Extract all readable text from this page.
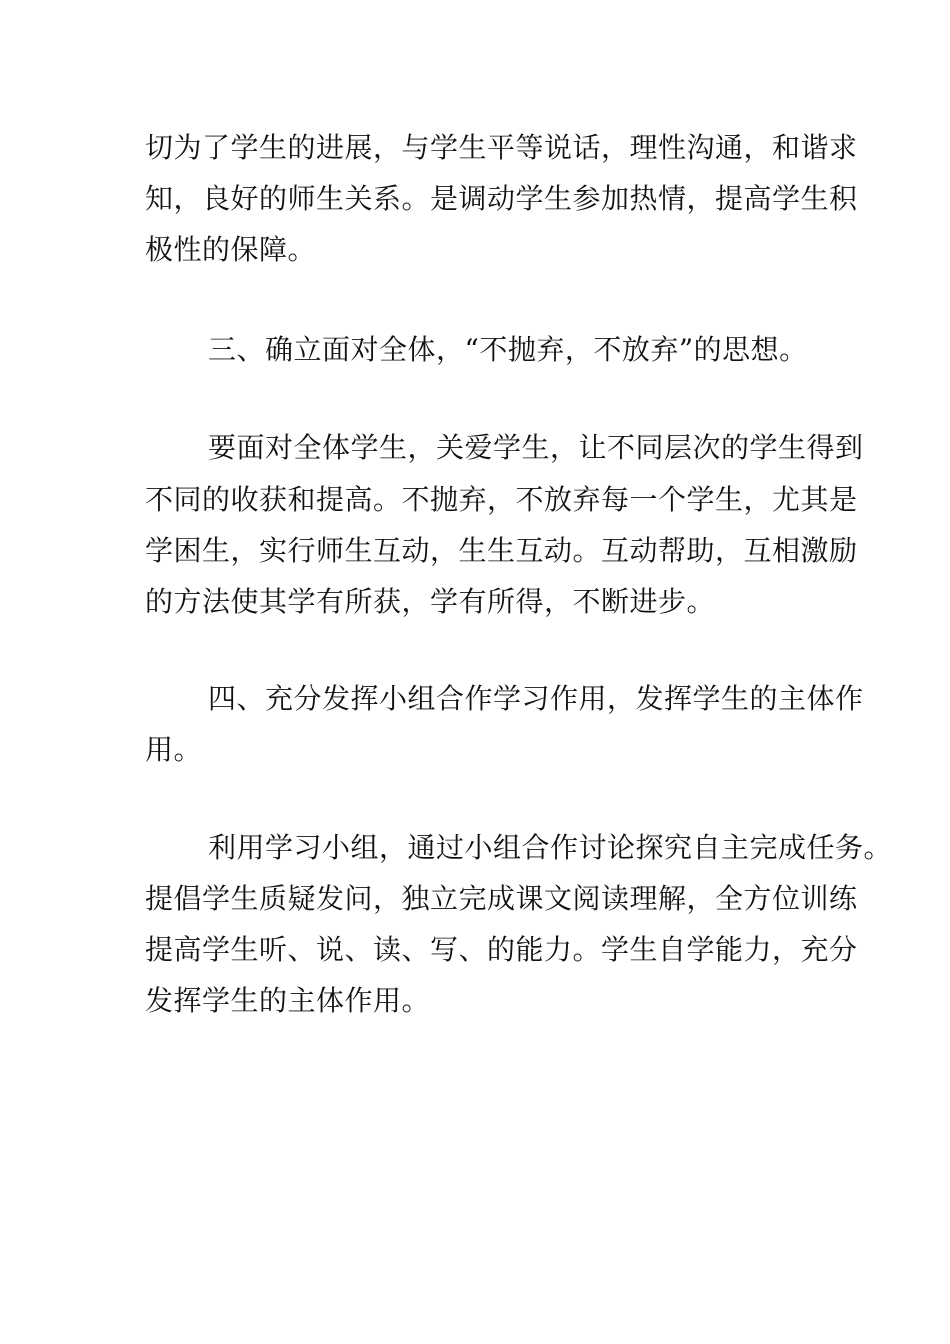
切为了学生的进展，与学生平等说话，理性沟通，和谐求
知，良好的师生关系。是调动学生参加热情，提高学生积
极性的保障。
三、确立面对全体，“不抛弃，不放弃”的思想。
要面对全体学生，关爱学生，让不同层次的学生得到
不同的收获和提高。不抛弃，不放弃每一个学生，尤其是
学困生，实行师生互动，生生互动。互动帮助，互相激励
的方法使其学有所获，学有所得，不断进步。
四、充分发挥小组合作学习作用，发挥学生的主体作
用。
利用学习小组，通过小组合作讨论探究自主完成任务。
提倡学生质疑发问，独立完成课文阅读理解，全方位训练
提高学生听、说、读、写、的能力。学生自学能力，充分
发挥学生的主体作用。
